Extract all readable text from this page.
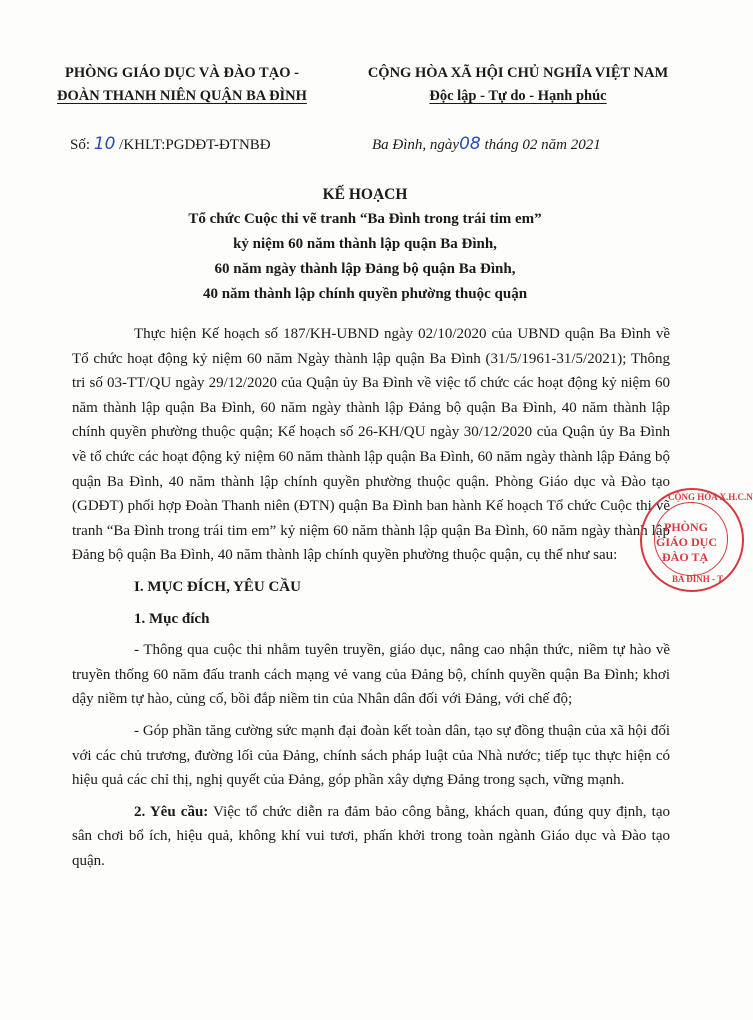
PHÒNG GIÁO DỤC VÀ ĐÀO TẠO -
ĐOÀN THANH NIÊN QUẬN BA ĐÌNH
CỘNG HÒA XÃ HỘI CHỦ NGHĨA VIỆT NAM
Độc lập - Tự do - Hạnh phúc
Số: 10 /KHLT:PGDĐT-ĐTNBĐ	Ba Đình, ngày08 tháng 02 năm 2021
KẾ HOẠCH
Tổ chức Cuộc thi vẽ tranh “Ba Đình trong trái tim em”
kỷ niệm 60 năm thành lập quận Ba Đình,
60 năm ngày thành lập Đảng bộ quận Ba Đình,
40 năm thành lập chính quyền phường thuộc quận

Thực hiện Kế hoạch số 187/KH-UBND ngày 02/10/2020 của UBND quận Ba Đình về Tổ chức hoạt động kỷ niệm 60 năm Ngày thành lập quận Ba Đình (31/5/1961-31/5/2021); Thông tri số 03-TT/QU ngày 29/12/2020 của Quận ủy Ba Đình về việc tổ chức các hoạt động kỷ niệm 60 năm thành lập quận Ba Đình, 60 năm ngày thành lập Đảng bộ quận Ba Đình, 40 năm thành lập chính quyền phường thuộc quận; Kế hoạch số 26-KH/QU ngày 30/12/2020 của Quận ủy Ba Đình về tổ chức các hoạt động kỷ niệm 60 năm thành lập quận Ba Đình, 60 năm ngày thành lập Đảng bộ quận Ba Đình, 40 năm thành lập chính quyền phường thuộc quận. Phòng Giáo dục và Đào tạo (GDĐT) phối hợp Đoàn Thanh niên (ĐTN) quận Ba Đình ban hành Kế hoạch Tổ chức Cuộc thi vẽ tranh “Ba Đình trong trái tim em” kỷ niệm 60 năm thành lập quận Ba Đình, 60 năm ngày thành lập Đảng bộ quận Ba Đình, 40 năm thành lập chính quyền phường thuộc quận, cụ thể như sau:

I. MỤC ĐÍCH, YÊU CẦU

1. Mục đích

- Thông qua cuộc thi nhằm tuyên truyền, giáo dục, nâng cao nhận thức, niềm tự hào về truyền thống 60 năm đấu tranh cách mạng vẻ vang của Đảng bộ, chính quyền quận Ba Đình; khơi dậy niềm tự hào, củng cố, bồi đắp niềm tin của Nhân dân đối với Đảng, với chế độ;

- Góp phần tăng cường sức mạnh đại đoàn kết toàn dân, tạo sự đồng thuận của xã hội đối với các chủ trương, đường lối của Đảng, chính sách pháp luật của Nhà nước; tiếp tục thực hiện có hiệu quả các chỉ thị, nghị quyết của Đảng, góp phần xây dựng Đảng trong sạch, vững mạnh.

2. Yêu cầu: Việc tổ chức diễn ra đảm bảo công bằng, khách quan, đúng quy định, tạo sân chơi bổ ích, hiệu quả, không khí vui tươi, phấn khởi trong toàn ngành Giáo dục và Đào tạo quận.

CỘNG HÒA X.H.C.N
PHÒNG
GIÁO DỤC
ĐÀO TẠ
BA ĐÌNH - T
